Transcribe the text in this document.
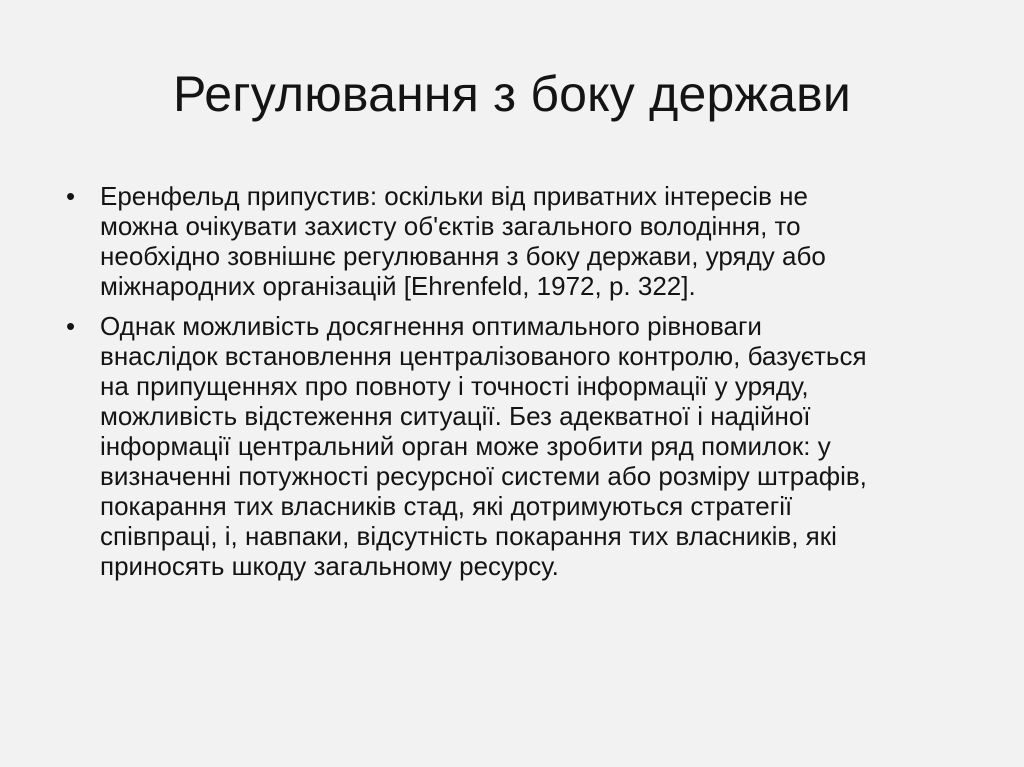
Регулювання з боку держави
• Еренфельд припустив: оскільки від приватних інтересів не
можна очікувати захисту об'єктів загального володіння, то
необхідно зовнішнє регулювання з боку держави, уряду або
міжнародних організацій [Ehrenfeld, 1972, p. 322].
• Однак можливість досягнення оптимального рівноваги
внаслідок встановлення централізованого контролю, базується
на припущеннях про повноту і точності інформації у уряду,
можливість відстеження ситуації. Без адекватної і надійної
інформації центральний орган може зробити ряд помилок: у
визначенні потужності ресурсної системи або розміру штрафів,
покарання тих власників стад, які дотримуються стратегії
співпраці, і, навпаки, відсутність покарання тих власників, які
приносять шкоду загальному ресурсу.
